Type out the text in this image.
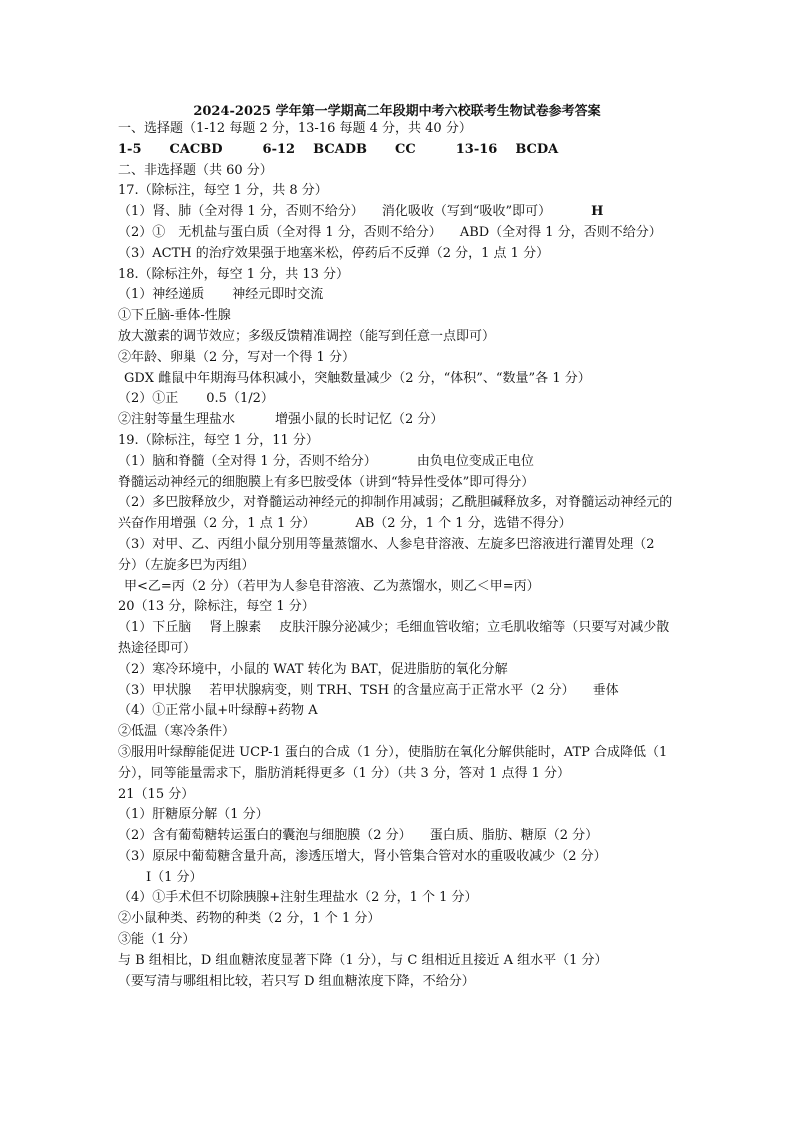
2024-2025 学年第一学期高二年段期中考六校联考生物试卷参考答案
一、选择题（1-12 每题 2 分，13-16 每题 4 分，共 40 分）
1-5 CACBD	6-12 BCADB CC	13-16 BCDA
二、非选择题（共 60 分）
17.（除标注，每空 1 分，共 8 分）
（1）肾、肺（全对得 1 分，否则不给分） 消化吸收（写到“吸收”即可）	H
（2）①　无机盐与蛋白质（全对得 1 分，否则不给分） ABD（全对得 1 分，否则不给分）
（3）ACTH 的治疗效果强于地塞米松，停药后不反弹（2 分，1 点 1 分）
18.（除标注外，每空 1 分，共 13 分）
（1）神经递质 神经元即时交流
①下丘脑-垂体-性腺
放大激素的调节效应；多级反馈精准调控（能写到任意一点即可）
②年龄、卵巢（2 分，写对一个得 1 分）
GDX 雌鼠中年期海马体积减小，突触数量减少（2 分，“体积”、“数量”各 1 分）
（2）①正 0.5（1/2）
②注射等量生理盐水	增强小鼠的长时记忆（2 分）
19.（除标注，每空 1 分，11 分）
（1）脑和脊髓（全对得 1 分，否则不给分）	由负电位变成正电位
脊髓运动神经元的细胞膜上有多巴胺受体（讲到“特异性受体”即可得分）
（2）多巴胺释放少，对脊髓运动神经元的抑制作用减弱；乙酰胆碱释放多，对脊髓运动神经元的兴奋作用增强（2 分，1 点 1 分）	AB（2 分，1 个 1 分，选错不得分）
（3）对甲、乙、丙组小鼠分别用等量蒸馏水、人参皂苷溶液、左旋多巴溶液进行灌胃处理（2 分）（左旋多巴为丙组）
甲<乙=丙（2 分）（若甲为人参皂苷溶液、乙为蒸馏水，则乙＜甲=丙）
20（13 分，除标注，每空 1 分）
（1）下丘脑 肾上腺素 皮肤汗腺分泌减少；毛细血管收缩；立毛肌收缩等（只要写对减少散热途径即可）
（2）寒冷环境中，小鼠的 WAT 转化为 BAT，促进脂肪的氧化分解
（3）甲状腺 若甲状腺病变，则 TRH、TSH 的含量应高于正常水平（2 分） 垂体
（4）①正常小鼠+叶绿醇+药物 A
②低温（寒冷条件）
③服用叶绿醇能促进 UCP-1 蛋白的合成（1 分），使脂肪在氧化分解供能时，ATP 合成降低（1 分），同等能量需求下，脂肪消耗得更多（1 分）（共 3 分，答对 1 点得 1 分）
21（15 分）
（1）肝糖原分解（1 分）
（2）含有葡萄糖转运蛋白的囊泡与细胞膜（2 分） 蛋白质、脂肪、糖原（2 分）
（3）原尿中葡萄糖含量升高，渗透压增大，肾小管集合管对水的重吸收减少（2 分）
Ⅰ（1 分）
（4）①手术但不切除胰腺+注射生理盐水（2 分，1 个 1 分）
②小鼠种类、药物的种类（2 分，1 个 1 分）
③能（1 分）
与 B 组相比，D 组血糖浓度显著下降（1 分），与 C 组相近且接近 A 组水平（1 分）
（要写清与哪组相比较，若只写 D 组血糖浓度下降，不给分）
